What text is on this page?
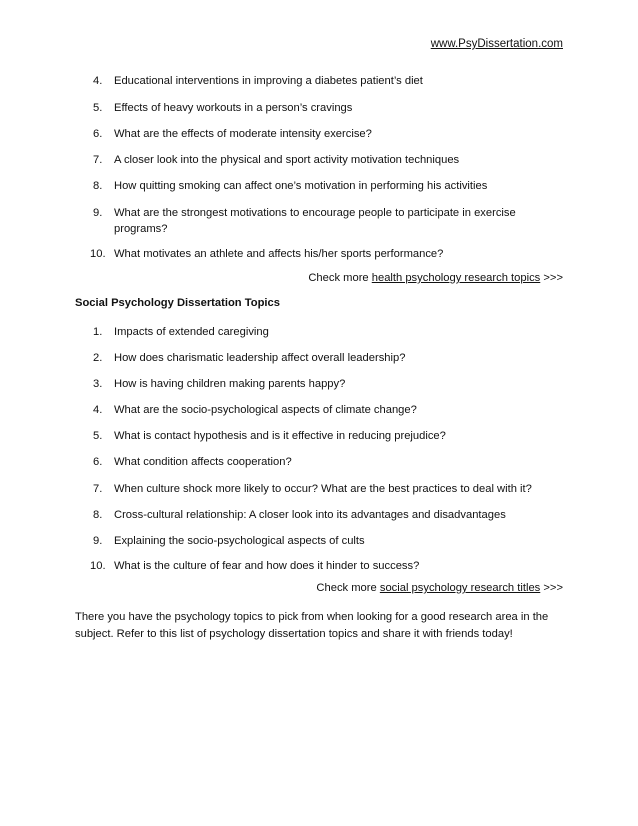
www.PsyDissertation.com
4.	Educational interventions in improving a diabetes patient’s diet
5.	Effects of heavy workouts in a person’s cravings
6.	What are the effects of moderate intensity exercise?
7.	A closer look into the physical and sport activity motivation techniques
8.	How quitting smoking can affect one’s motivation in performing his activities
9.	What are the strongest motivations to encourage people to participate in exercise programs?
10. What motivates an athlete and affects his/her sports performance?
Check more health psychology research topics >>>
Social Psychology Dissertation Topics
1.	Impacts of extended caregiving
2.	How does charismatic leadership affect overall leadership?
3.	How is having children making parents happy?
4.	What are the socio-psychological aspects of climate change?
5.	What is contact hypothesis and is it effective in reducing prejudice?
6.	What condition affects cooperation?
7.	When culture shock more likely to occur? What are the best practices to deal with it?
8.	Cross-cultural relationship: A closer look into its advantages and disadvantages
9.	Explaining the socio-psychological aspects of cults
10. What is the culture of fear and how does it hinder to success?
Check more social psychology research titles >>>
There you have the psychology topics to pick from when looking for a good research area in the subject. Refer to this list of psychology dissertation topics and share it with friends today!
